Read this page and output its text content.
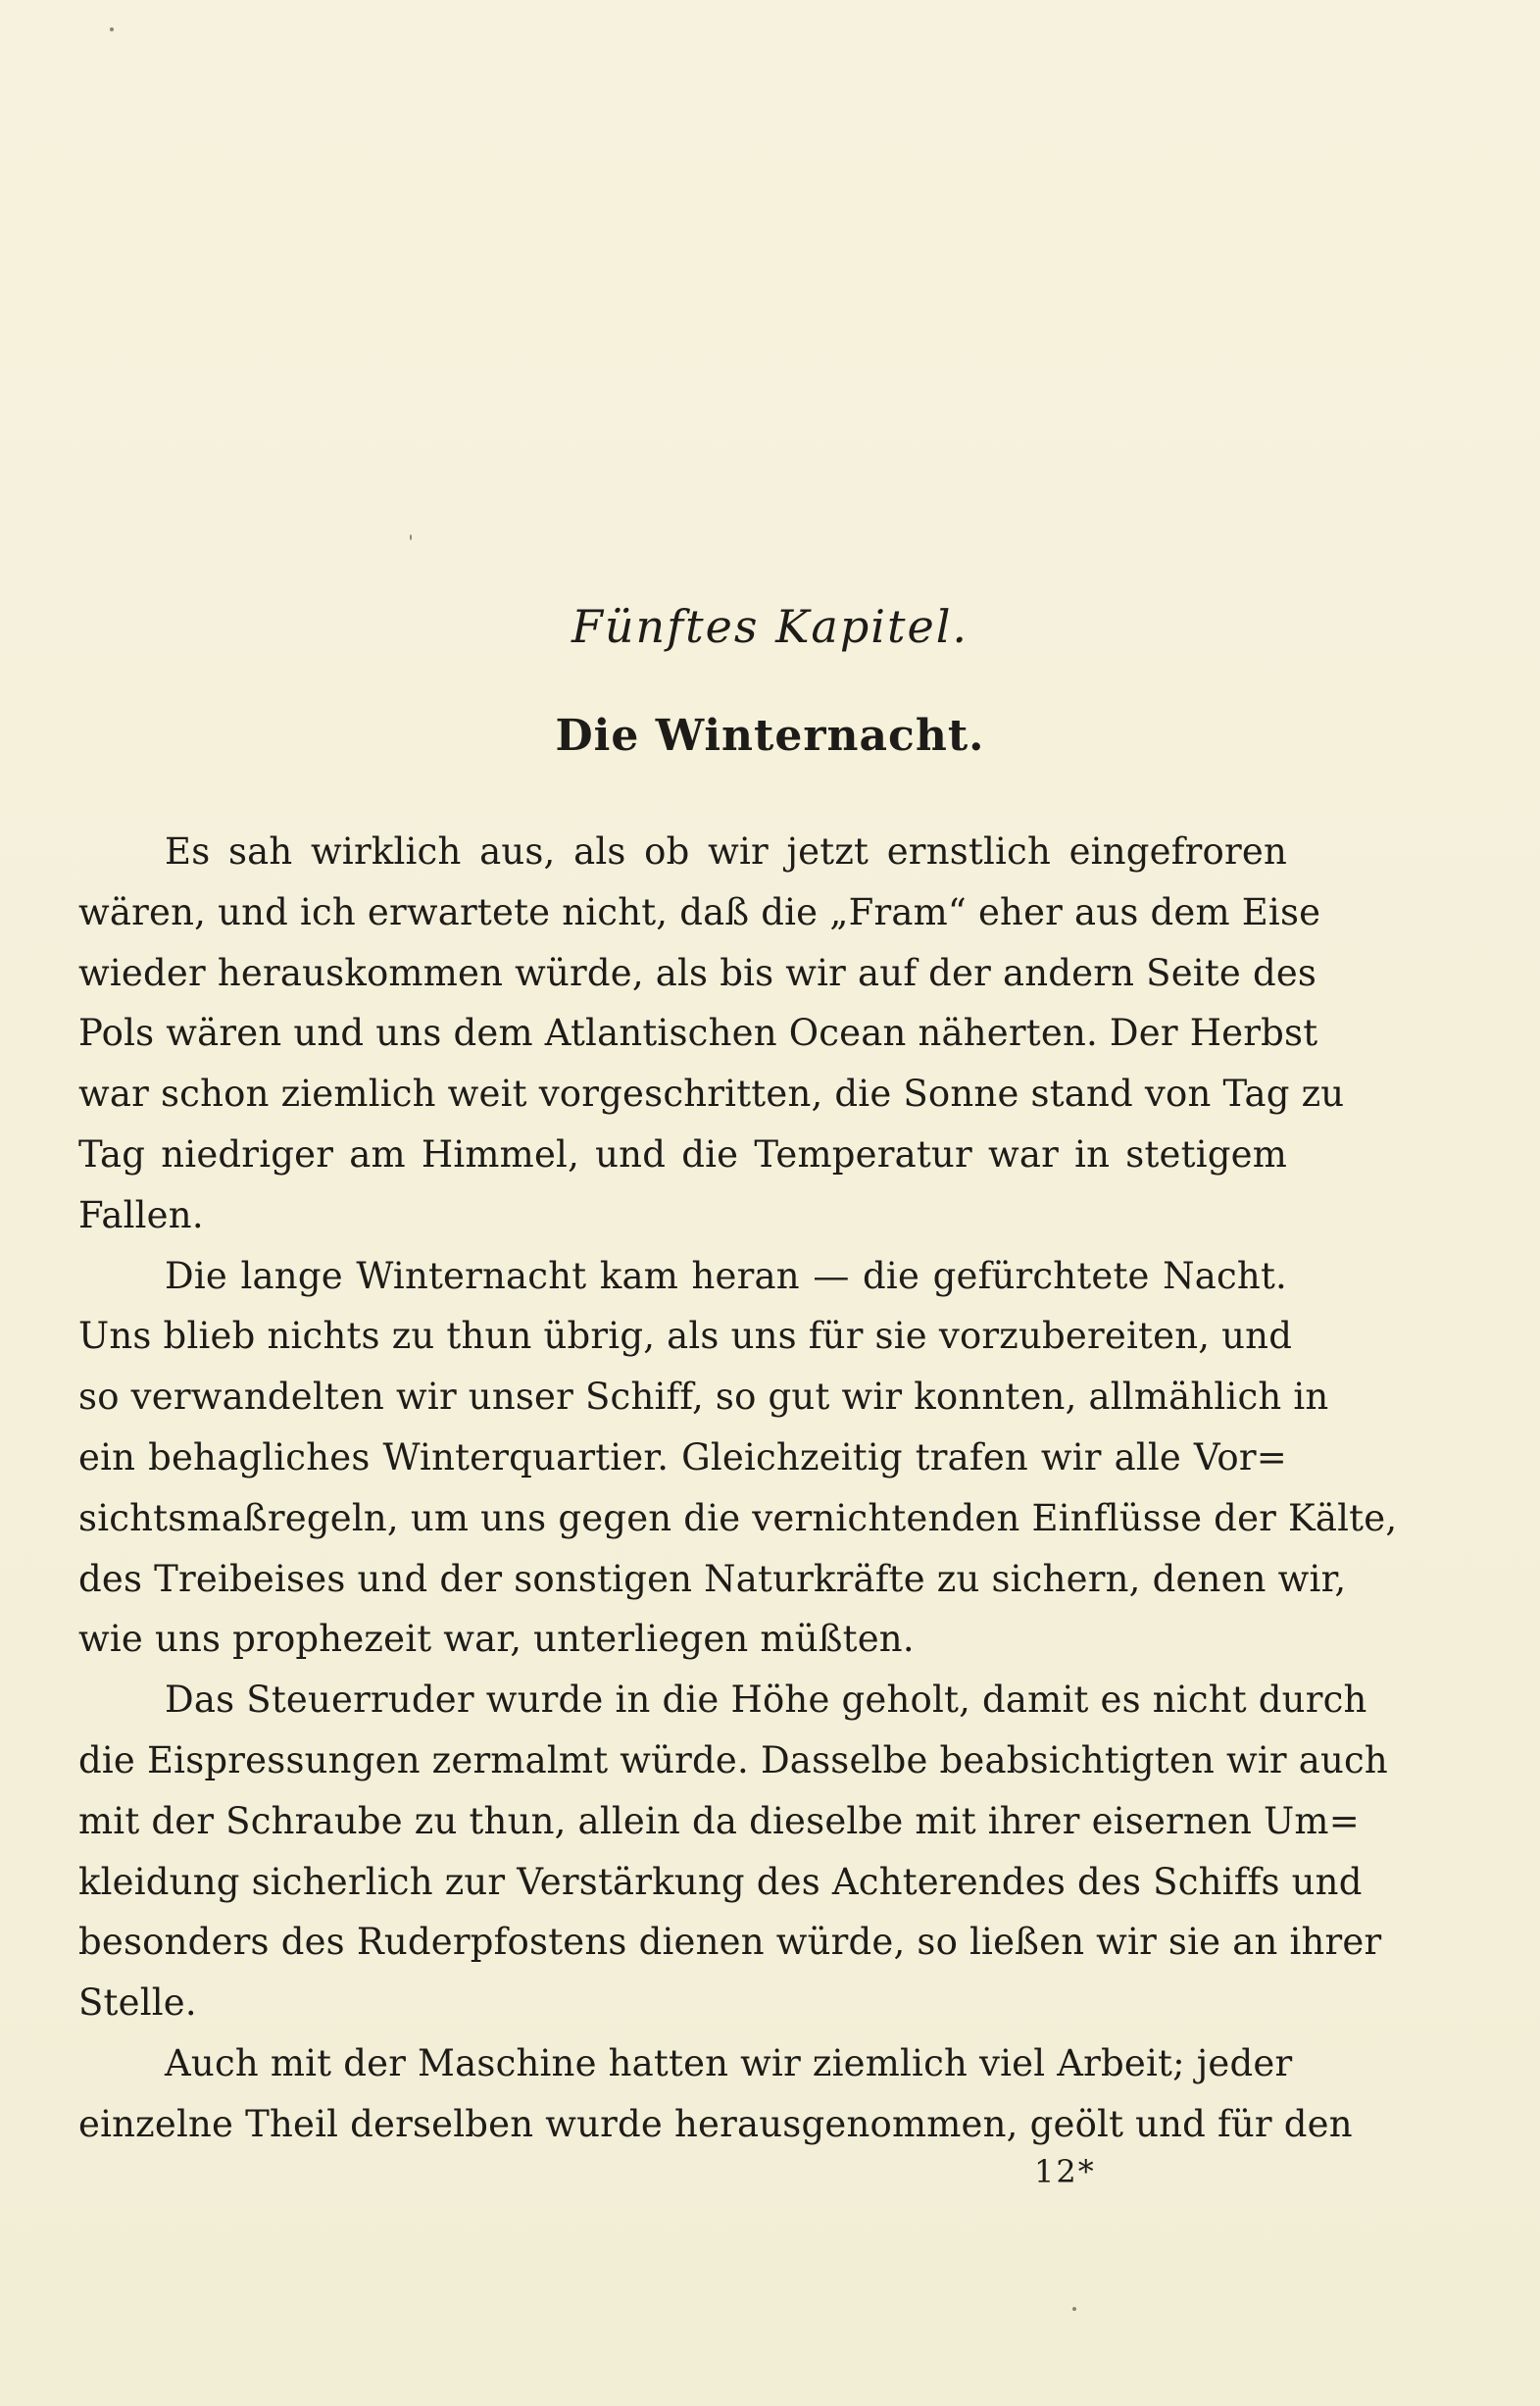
Fünftes Kapitel.
Die Winternacht.
Es sah wirklich aus, als ob wir jetzt ernstlich eingefroren
wären, und ich erwartete nicht, daß die „Fram“ eher aus dem Eise
wieder herauskommen würde, als bis wir auf der andern Seite des
Pols wären und uns dem Atlantischen Ocean näherten. Der Herbst
war schon ziemlich weit vorgeschritten, die Sonne stand von Tag zu
Tag niedriger am Himmel, und die Temperatur war in stetigem
Fallen.
Die lange Winternacht kam heran — die gefürchtete Nacht.
Uns blieb nichts zu thun übrig, als uns für sie vorzubereiten, und
so verwandelten wir unser Schiff, so gut wir konnten, allmählich in
ein behagliches Winterquartier. Gleichzeitig trafen wir alle Vor=
sichtsmaßregeln, um uns gegen die vernichtenden Einflüsse der Kälte,
des Treibeises und der sonstigen Naturkräfte zu sichern, denen wir,
wie uns prophezeit war, unterliegen müßten.
Das Steuerruder wurde in die Höhe geholt, damit es nicht durch
die Eispressungen zermalmt würde. Dasselbe beabsichtigten wir auch
mit der Schraube zu thun, allein da dieselbe mit ihrer eisernen Um=
kleidung sicherlich zur Verstärkung des Achterendes des Schiffs und
besonders des Ruderpfostens dienen würde, so ließen wir sie an ihrer
Stelle.
Auch mit der Maschine hatten wir ziemlich viel Arbeit; jeder
einzelne Theil derselben wurde herausgenommen, geölt und für den
12*
